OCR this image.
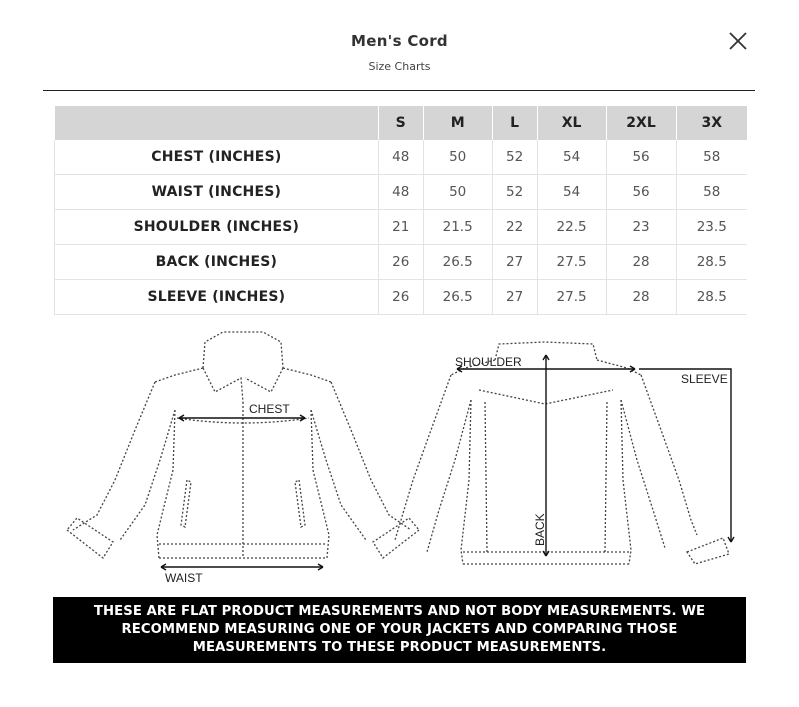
Men's Cord
Size Charts
	S	M	L	XL	2XL	3X
CHEST (INCHES)	48	50	52	54	56	58
WAIST (INCHES)	48	50	52	54	56	58
SHOULDER (INCHES)	21	21.5	22	22.5	23	23.5
BACK (INCHES)	26	26.5	27	27.5	28	28.5
SLEEVE (INCHES)	26	26.5	27	27.5	28	28.5
CHEST
WAIST
SHOULDER
SLEEVE
BACK
THESE ARE FLAT PRODUCT MEASUREMENTS AND NOT BODY MEASUREMENTS. WE RECOMMEND MEASURING ONE OF YOUR JACKETS AND COMPARING THOSE MEASUREMENTS TO THESE PRODUCT MEASUREMENTS.
